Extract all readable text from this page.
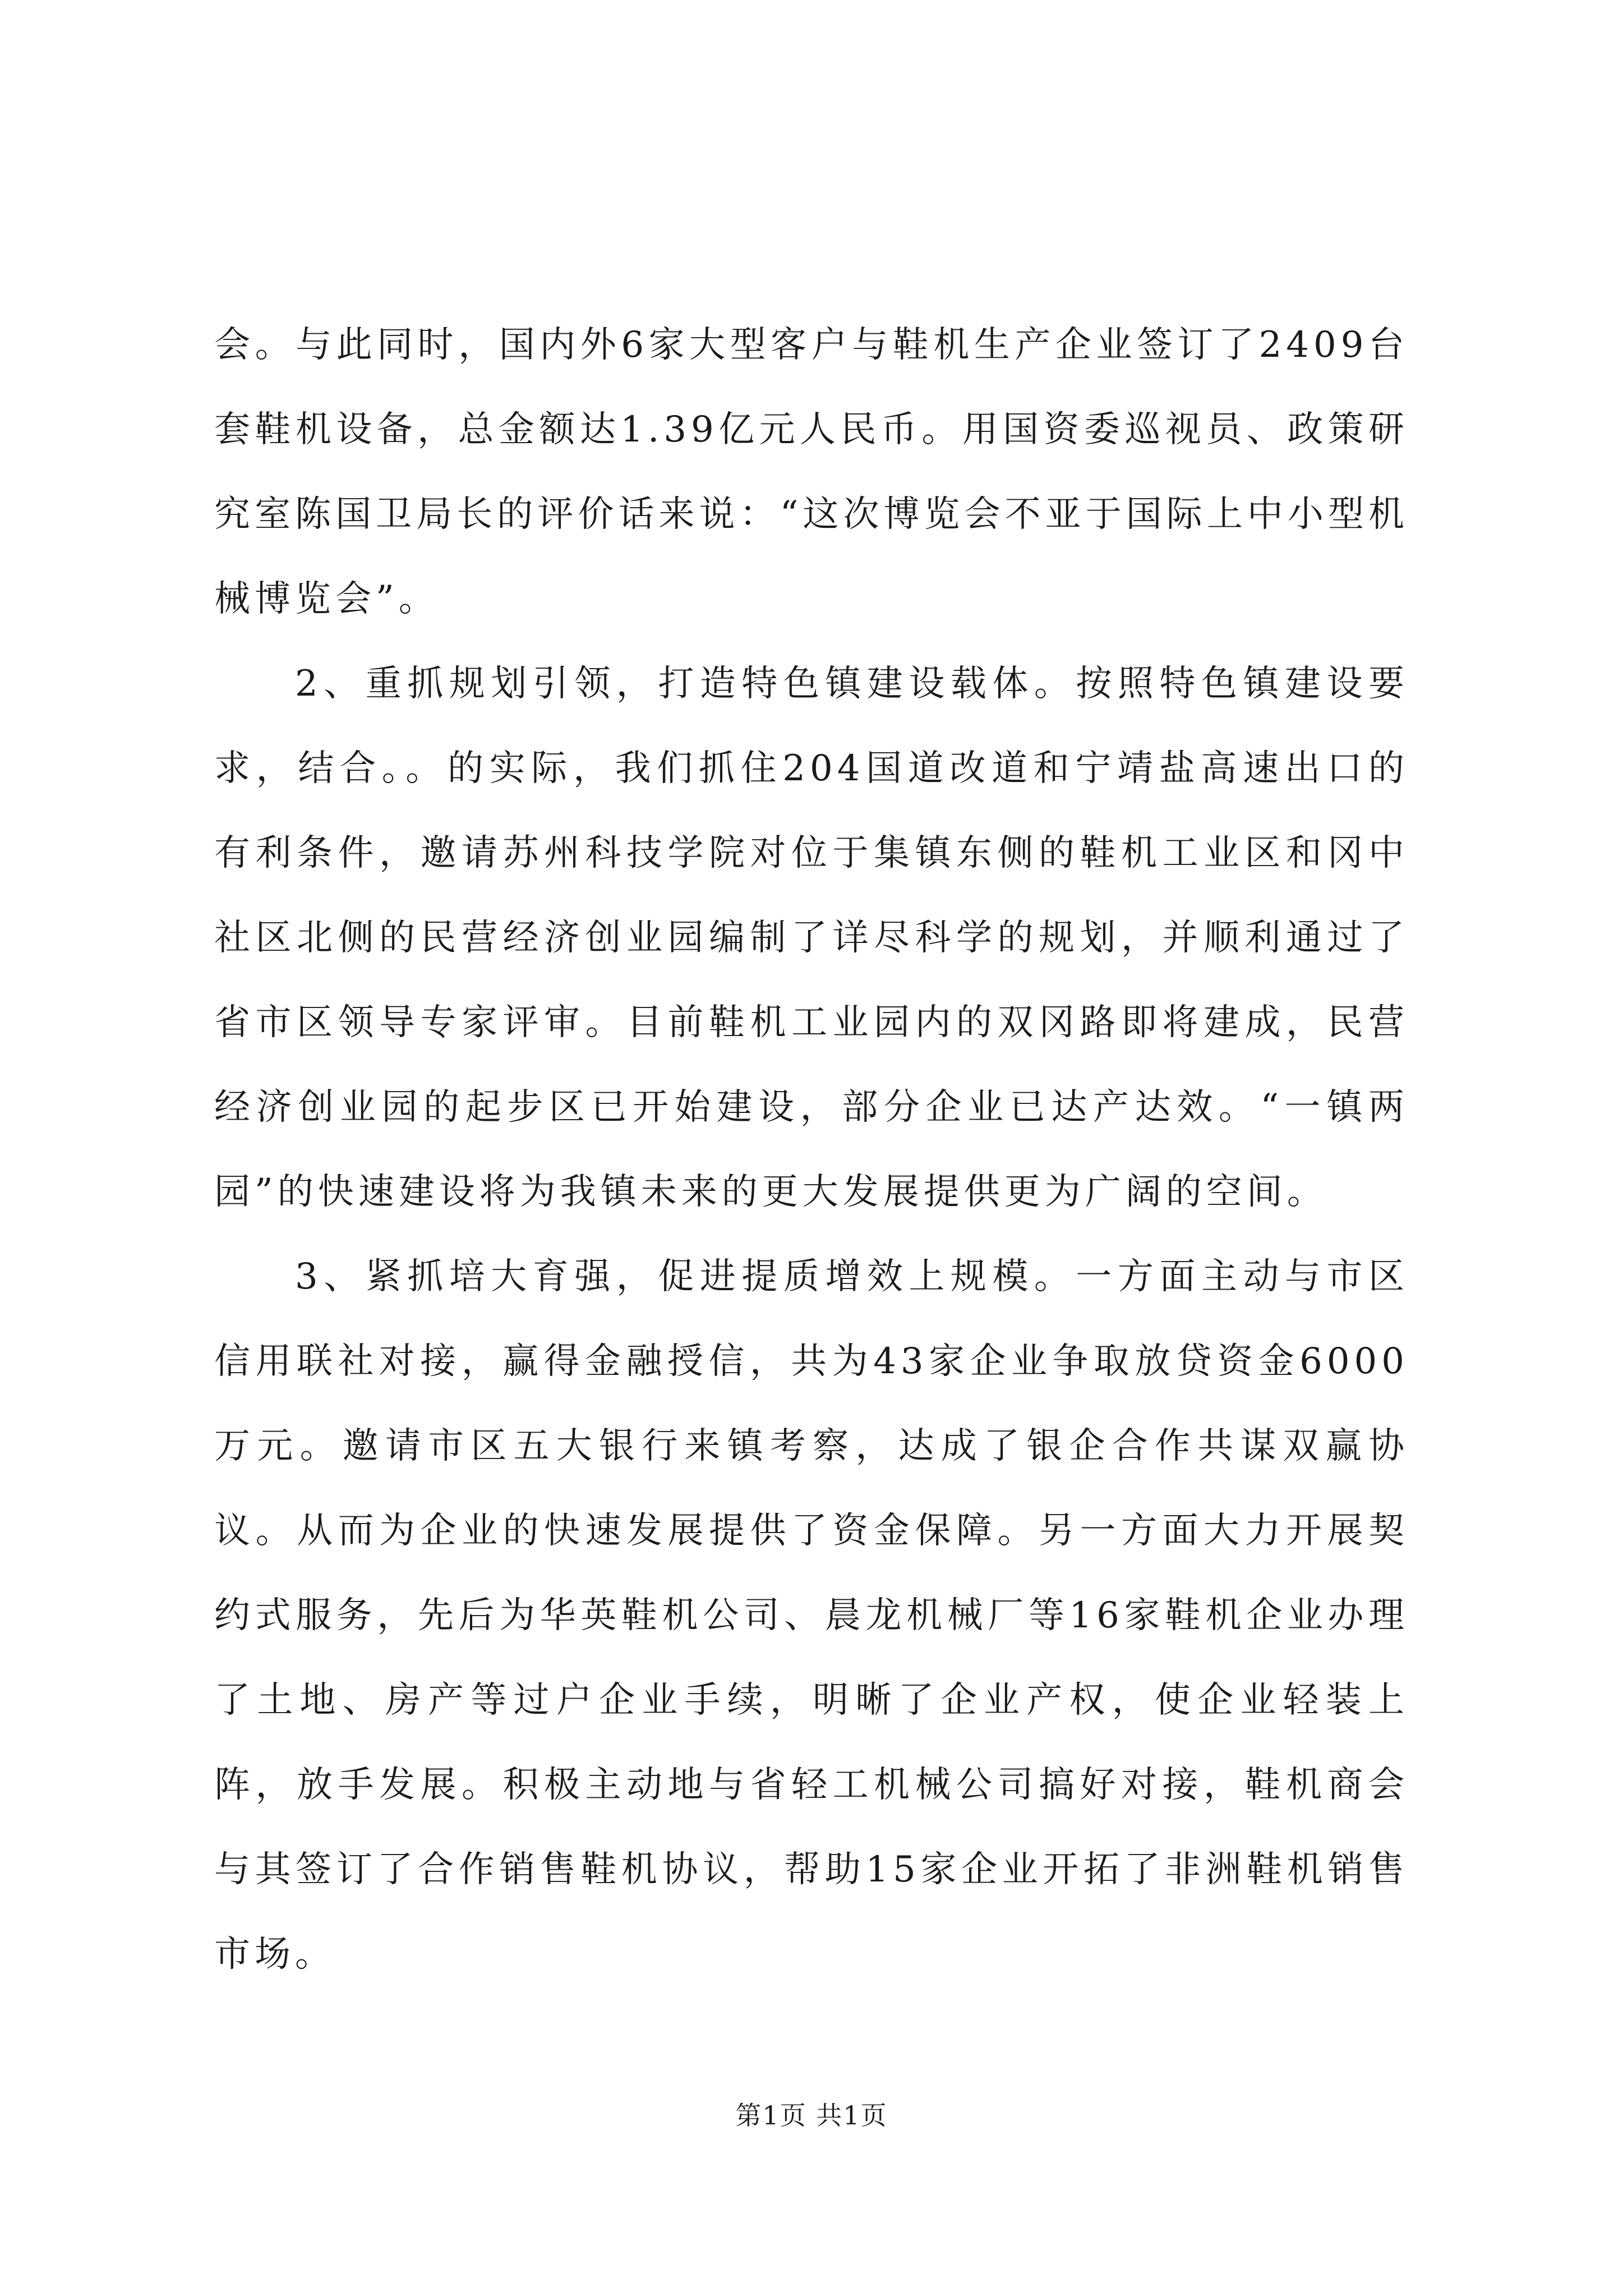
会。与此同时，国内外6家大型客户与鞋机生产企业签订了2409台套鞋机设备，总金额达1.39亿元人民币。用国资委巡视员、政策研究室陈国卫局长的评价话来说：“这次博览会不亚于国际上中小型机械博览会”。

2、重抓规划引领，打造特色镇建设载体。按照特色镇建设要求，结合。。的实际，我们抓住204国道改道和宁靖盐高速出口的有利条件，邀请苏州科技学院对位于集镇东侧的鞋机工业区和冈中社区北侧的民营经济创业园编制了详尽科学的规划，并顺利通过了省市区领导专家评审。目前鞋机工业园内的双冈路即将建成，民营经济创业园的起步区已开始建设，部分企业已达产达效。“一镇两园”的快速建设将为我镇未来的更大发展提供更为广阔的空间。

3、紧抓培大育强，促进提质增效上规模。一方面主动与市区信用联社对接，赢得金融授信，共为43家企业争取放贷资金6000万元。邀请市区五大银行来镇考察，达成了银企合作共谋双赢协议。从而为企业的快速发展提供了资金保障。另一方面大力开展契约式服务，先后为华英鞋机公司、晨龙机械厂等16家鞋机企业办理了土地、房产等过户企业手续，明晰了企业产权，使企业轻装上阵，放手发展。积极主动地与省轻工机械公司搞好对接，鞋机商会与其签订了合作销售鞋机协议，帮助15家企业开拓了非洲鞋机销售市场。

第1页 共1页
